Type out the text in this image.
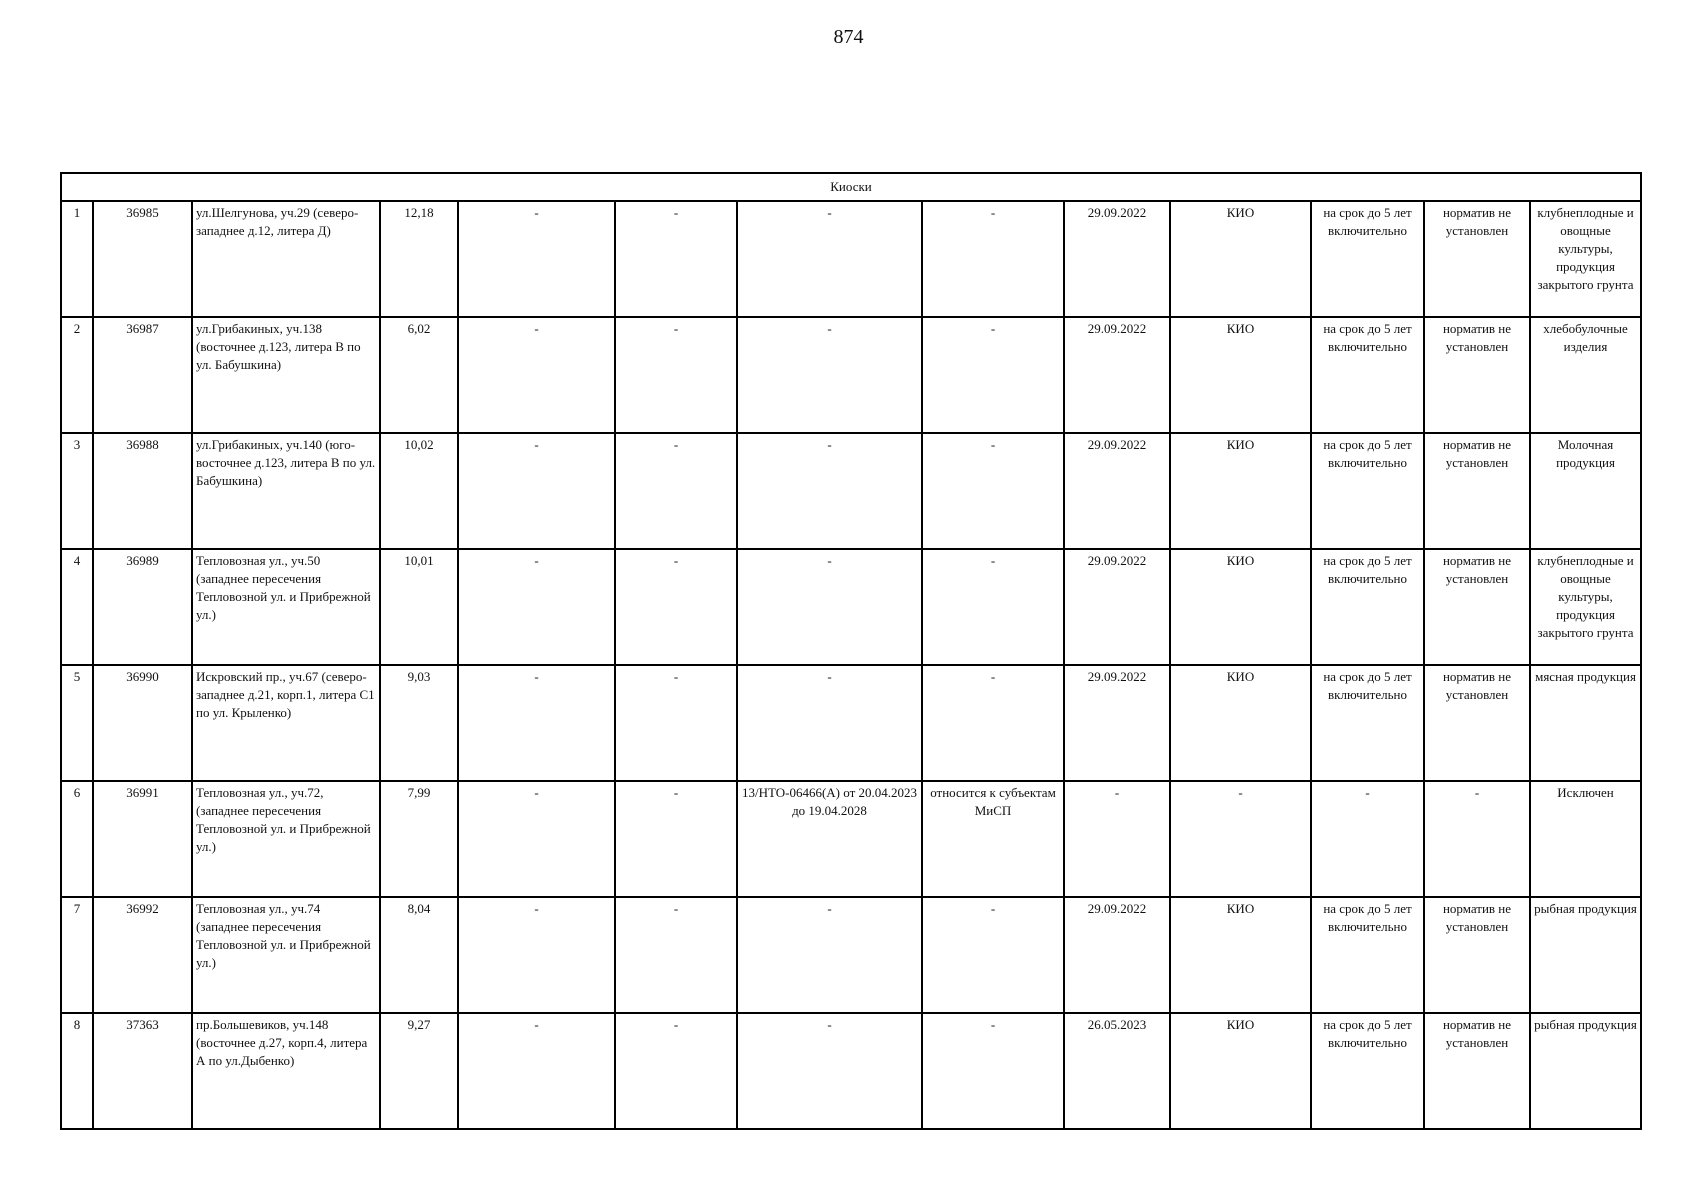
874
Киоски												
1	36985	ул.Шелгунова, уч.29 (северо-западнее д.12, литера Д)	12,18	-	-	-	-	29.09.2022	КИО	на срок до 5 лет включительно	норматив не установлен	клубнеплодные и овощные культуры, продукция закрытого грунта
2	36987	ул.Грибакиных, уч.138 (восточнее д.123, литера В по ул. Бабушкина)	6,02	-	-	-	-	29.09.2022	КИО	на срок до 5 лет включительно	норматив не установлен	хлебобулочные изделия
3	36988	ул.Грибакиных, уч.140 (юго-восточнее д.123, литера В по ул. Бабушкина)	10,02	-	-	-	-	29.09.2022	КИО	на срок до 5 лет включительно	норматив не установлен	Молочная продукция
4	36989	Тепловозная ул., уч.50 (западнее пересечения Тепловозной ул. и Прибрежной ул.)	10,01	-	-	-	-	29.09.2022	КИО	на срок до 5 лет включительно	норматив не установлен	клубнеплодные и овощные культуры, продукция закрытого грунта
5	36990	Искровский пр., уч.67 (северо-западнее д.21, корп.1, литера С1 по ул. Крыленко)	9,03	-	-	-	-	29.09.2022	КИО	на срок до 5 лет включительно	норматив не установлен	мясная продукция
6	36991	Тепловозная ул., уч.72, (западнее пересечения Тепловозной ул. и Прибрежной ул.)	7,99	-	-	13/НТО-06466(А) от 20.04.2023 до 19.04.2028	относится к субъектам МиСП	-	-	-	-	Исключен
7	36992	Тепловозная ул., уч.74 (западнее пересечения Тепловозной ул. и Прибрежной ул.)	8,04	-	-	-	-	29.09.2022	КИО	на срок до 5 лет включительно	норматив не установлен	рыбная продукция
8	37363	пр.Большевиков, уч.148 (восточнее д.27, корп.4, литера А по ул.Дыбенко)	9,27	-	-	-	-	26.05.2023	КИО	на срок до 5 лет включительно	норматив не установлен	рыбная продукция
